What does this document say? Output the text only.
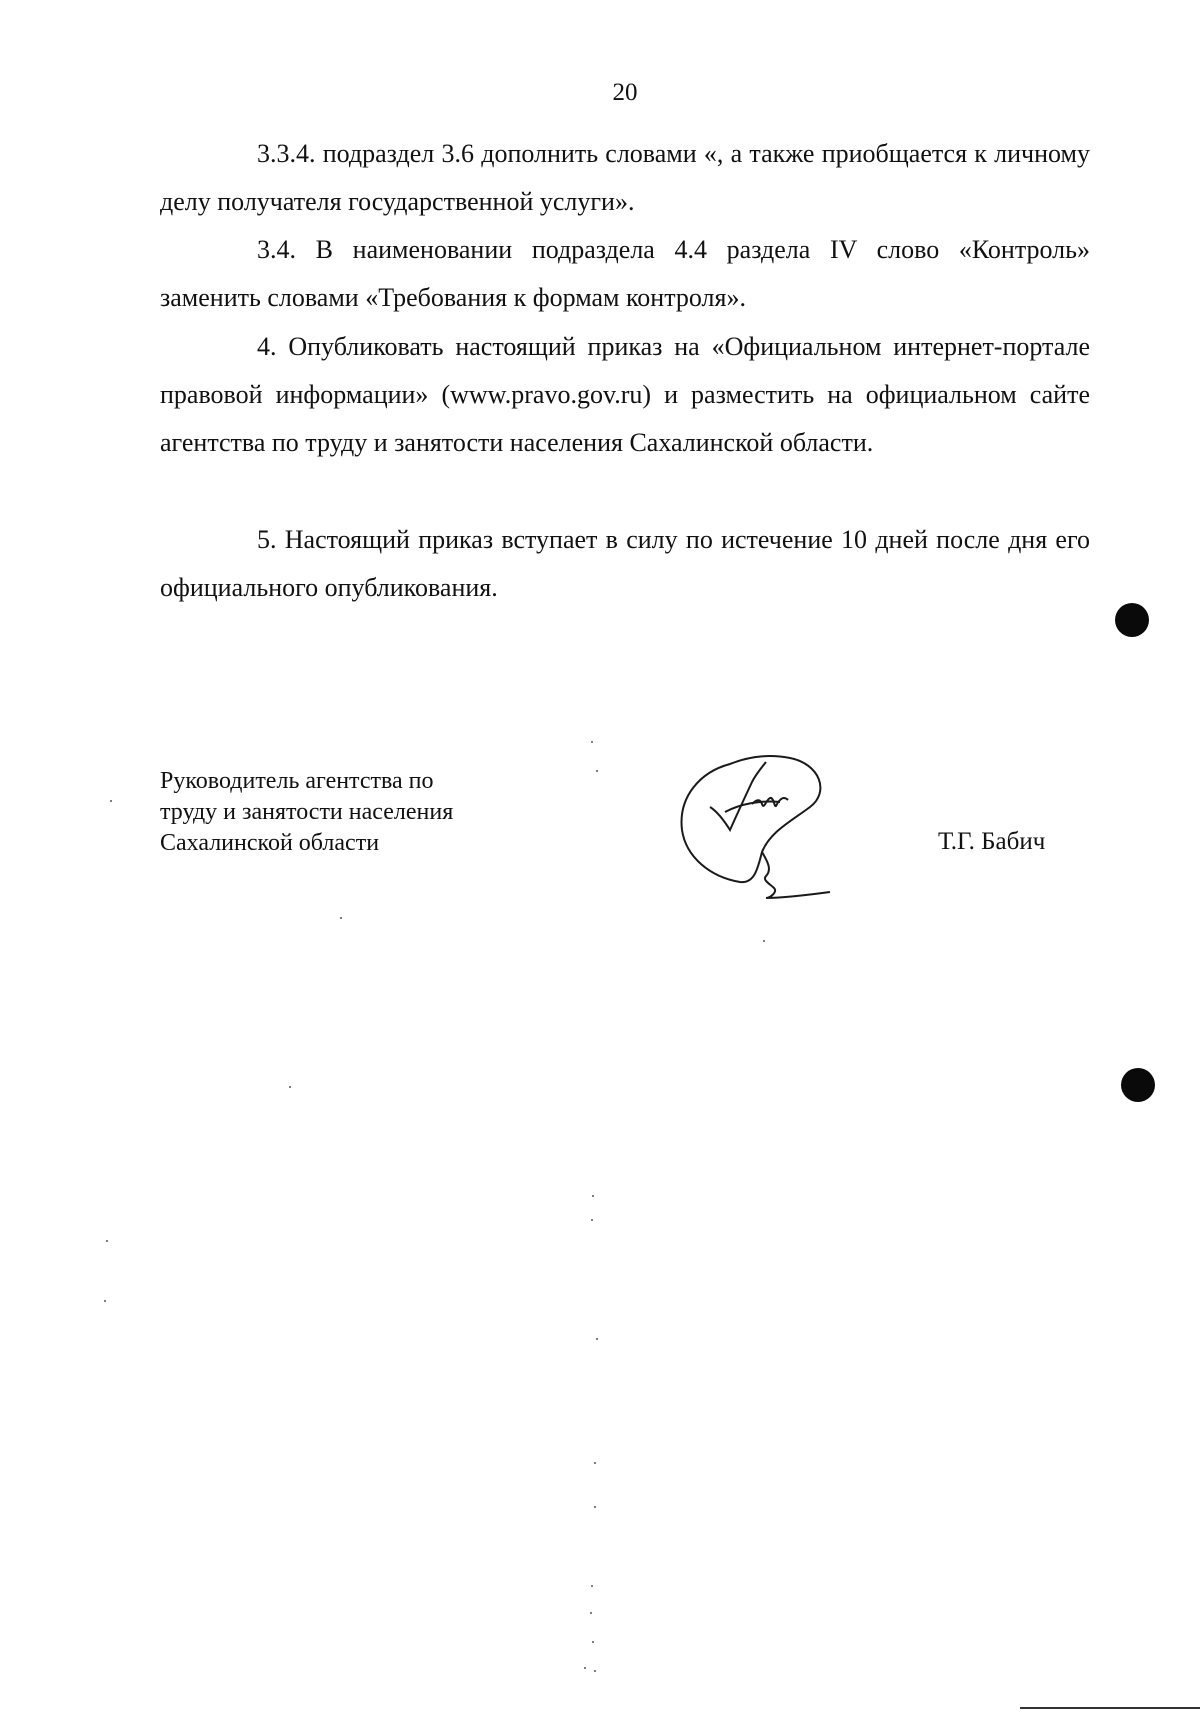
20

3.3.4. подраздел 3.6 дополнить словами «, а также приобщается к личному делу получателя государственной услуги».

3.4. В наименовании подраздела 4.4 раздела IV слово «Контроль» заменить словами «Требования к формам контроля».

4. Опубликовать настоящий приказ на «Официальном интернет-портале правовой информации» (www.pravo.gov.ru) и разместить на официальном сайте агентства по труду и занятости населения Сахалинской области.

5. Настоящий приказ вступает в силу по истечение 10 дней после дня его официального опубликования.

Руководитель агентства по
труду и занятости населения
Сахалинской области	Т.Г. Бабич
